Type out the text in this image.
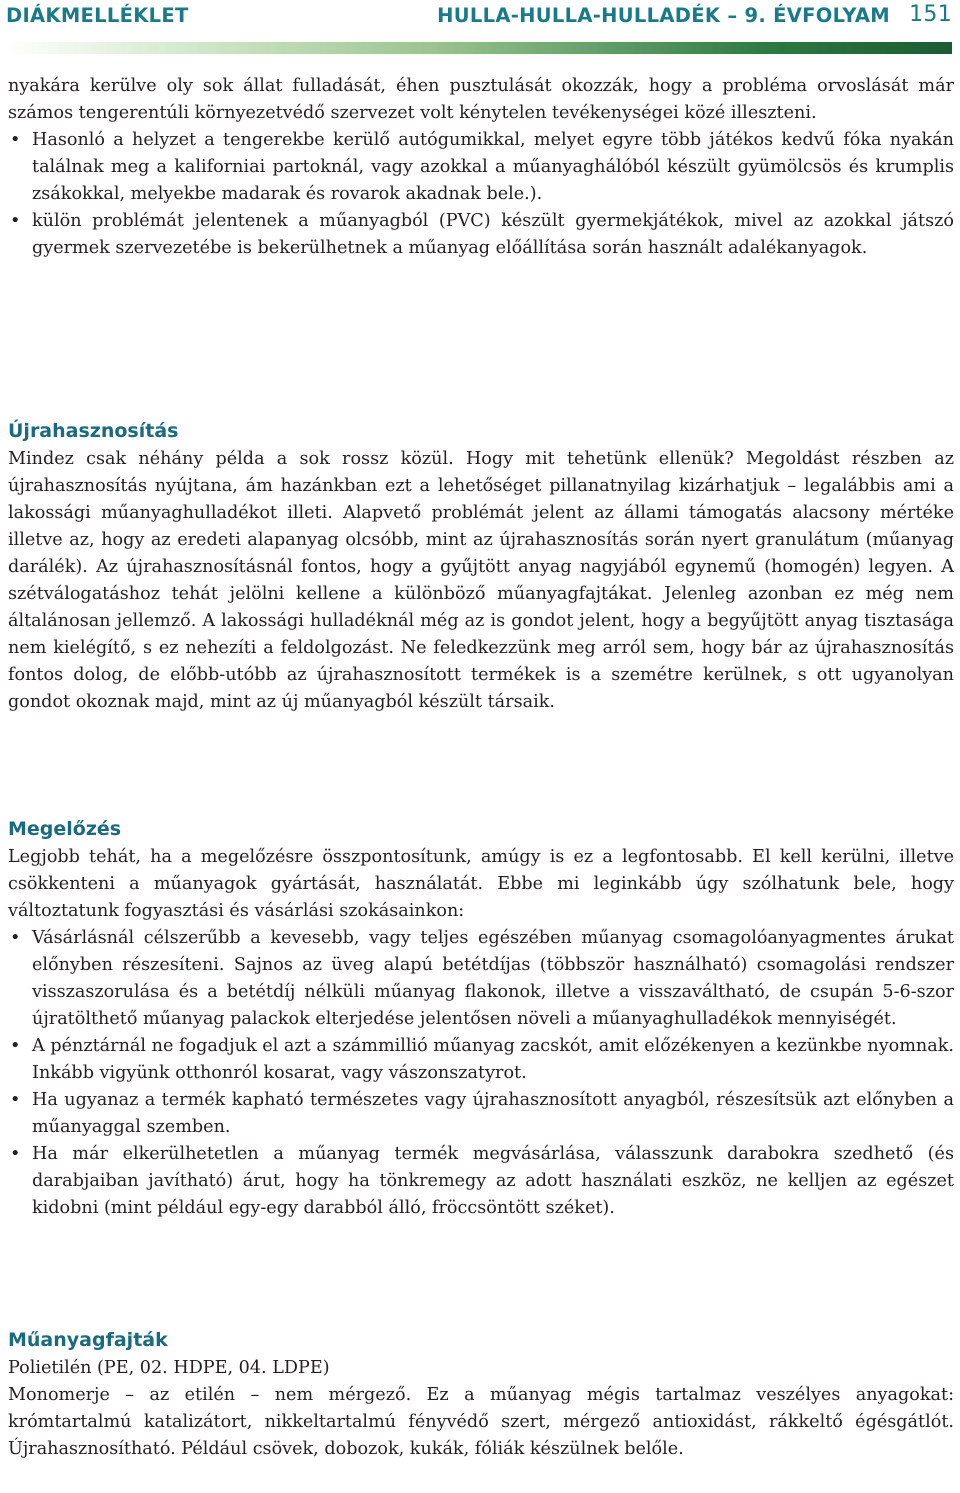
DIÁKMELLÉKLET	HULLA-HULLA-HULLADÉK – 9. ÉVFOLYAM 151

nyakára kerülve oly sok állat fulladását, éhen pusztulását okozzák, hogy a probléma orvoslását már számos tengerentúli környezetvédő szervezet volt kénytelen tevékenységei közé illeszteni.

• Hasonló a helyzet a tengerekbe kerülő autógumikkal, melyet egyre több játékos kedvű fóka nyakán találnak meg a kaliforniai partoknál, vagy azokkal a műanyaghálóból készült gyümölcsös és krumplis zsákokkal, melyekbe madarak és rovarok akadnak bele.).

• külön problémát jelentenek a műanyagból (PVC) készült gyermekjátékok, mivel az azokkal játszó gyermek szervezetébe is bekerülhetnek a műanyag előállítása során használt adalékanyagok.

Újrahasznosítás

Mindez csak néhány példa a sok rossz közül. Hogy mit tehetünk ellenük? Megoldást részben az újrahasznosítás nyújtana, ám hazánkban ezt a lehetőséget pillanatnyilag kizárhatjuk – legalábbis ami a lakossági műanyaghulladékot illeti. Alapvető problémát jelent az állami támogatás alacsony mértéke illetve az, hogy az eredeti alapanyag olcsóbb, mint az újrahasznosítás során nyert granulátum (műanyag darálék). Az újrahasznosításnál fontos, hogy a gyűjtött anyag nagyjából egynemű (homogén) legyen. A szétválogatáshoz tehát jelölni kellene a különböző műanyagfajtákat. Jelenleg azonban ez még nem általánosan jellemző. A lakossági hulladéknál még az is gondot jelent, hogy a begyűjtött anyag tisztasága nem kielégítő, s ez nehezíti a feldolgozást. Ne feledkezzünk meg arról sem, hogy bár az újrahasznosítás fontos dolog, de előbb-utóbb az újrahasznosított termékek is a szemétre kerülnek, s ott ugyanolyan gondot okoznak majd, mint az új műanyagból készült társaik.

Megelőzés

Legjobb tehát, ha a megelőzésre összpontosítunk, amúgy is ez a legfontosabb. El kell kerülni, illetve csökkenteni a műanyagok gyártását, használatát. Ebbe mi leginkább úgy szólhatunk bele, hogy változtatunk fogyasztási és vásárlási szokásainkon:

• Vásárlásnál célszerűbb a kevesebb, vagy teljes egészében műanyag csomagolóanyagmentes árukat előnyben részesíteni. Sajnos az üveg alapú betétdíjas (többször használható) csomagolási rendszer visszaszorulása és a betétdíj nélküli műanyag flakonok, illetve a visszaváltható, de csupán 5-6-szor újratölthető műanyag palackok elterjedése jelentősen növeli a műanyaghulladékok mennyiségét.

• A pénztárnál ne fogadjuk el azt a számmillió műanyag zacskót, amit előzékenyen a kezünkbe nyomnak. Inkább vigyünk otthonról kosarat, vagy vászonszatyrot.

• Ha ugyanaz a termék kapható természetes vagy újrahasznosított anyagból, részesítsük azt előnyben a műanyaggal szemben.

• Ha már elkerülhetetlen a műanyag termék megvásárlása, válasszunk darabokra szedhető (és darabjaiban javítható) árut, hogy ha tönkremegy az adott használati eszköz, ne kelljen az egészet kidobni (mint például egy-egy darabból álló, fröccsöntött széket).

Műanyagfajták

Polietilén (PE, 02. HDPE, 04. LDPE)

Monomerje – az etilén – nem mérgező. Ez a műanyag mégis tartalmaz veszélyes anyagokat: krómtartalmú katalizátort, nikkeltartalmú fényvédő szert, mérgező antioxidást, rákkeltő égésgátlót. Újrahasznosítható. Például csövek, dobozok, kukák, fóliák készülnek belőle.
